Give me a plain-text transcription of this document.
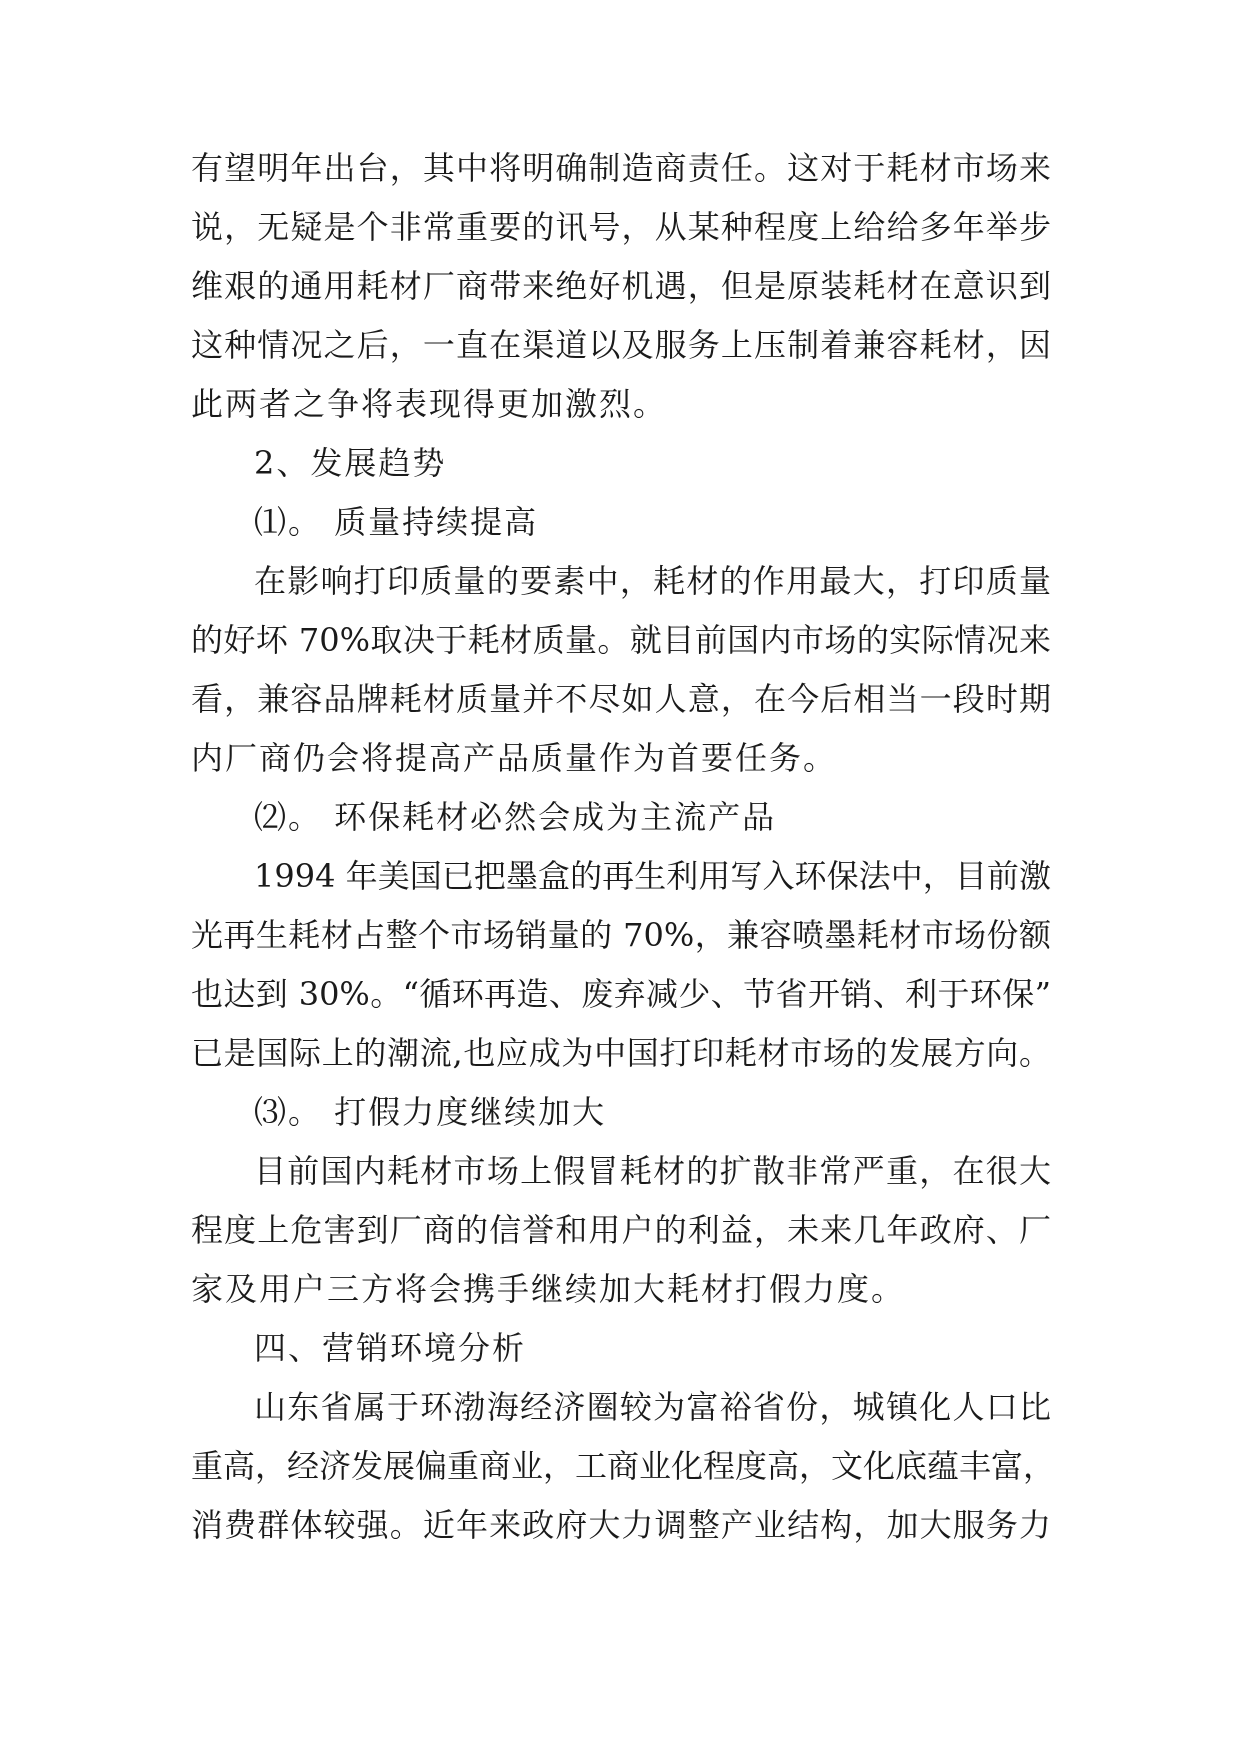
有望明年出台，其中将明确制造商责任。这对于耗材市场来
说，无疑是个非常重要的讯号，从某种程度上给给多年举步
维艰的通用耗材厂商带来绝好机遇，但是原装耗材在意识到
这种情况之后，一直在渠道以及服务上压制着兼容耗材，因
此两者之争将表现得更加激烈。
2、发展趋势
⑴。 质量持续提高
在影响打印质量的要素中，耗材的作用最大，打印质量
的好坏 70%取决于耗材质量。就目前国内市场的实际情况来
看，兼容品牌耗材质量并不尽如人意，在今后相当一段时期
内厂商仍会将提高产品质量作为首要任务。
⑵。 环保耗材必然会成为主流产品
1994 年美国已把墨盒的再生利用写入环保法中，目前激
光再生耗材占整个市场销量的 70%，兼容喷墨耗材市场份额
也达到 30%。“循环再造、废弃减少、节省开销、利于环保”
已是国际上的潮流,也应成为中国打印耗材市场的发展方向。
⑶。 打假力度继续加大
目前国内耗材市场上假冒耗材的扩散非常严重，在很大
程度上危害到厂商的信誉和用户的利益，未来几年政府、厂
家及用户三方将会携手继续加大耗材打假力度。
四、营销环境分析
山东省属于环渤海经济圈较为富裕省份，城镇化人口比
重高，经济发展偏重商业，工商业化程度高，文化底蕴丰富，
消费群体较强。近年来政府大力调整产业结构，加大服务力
